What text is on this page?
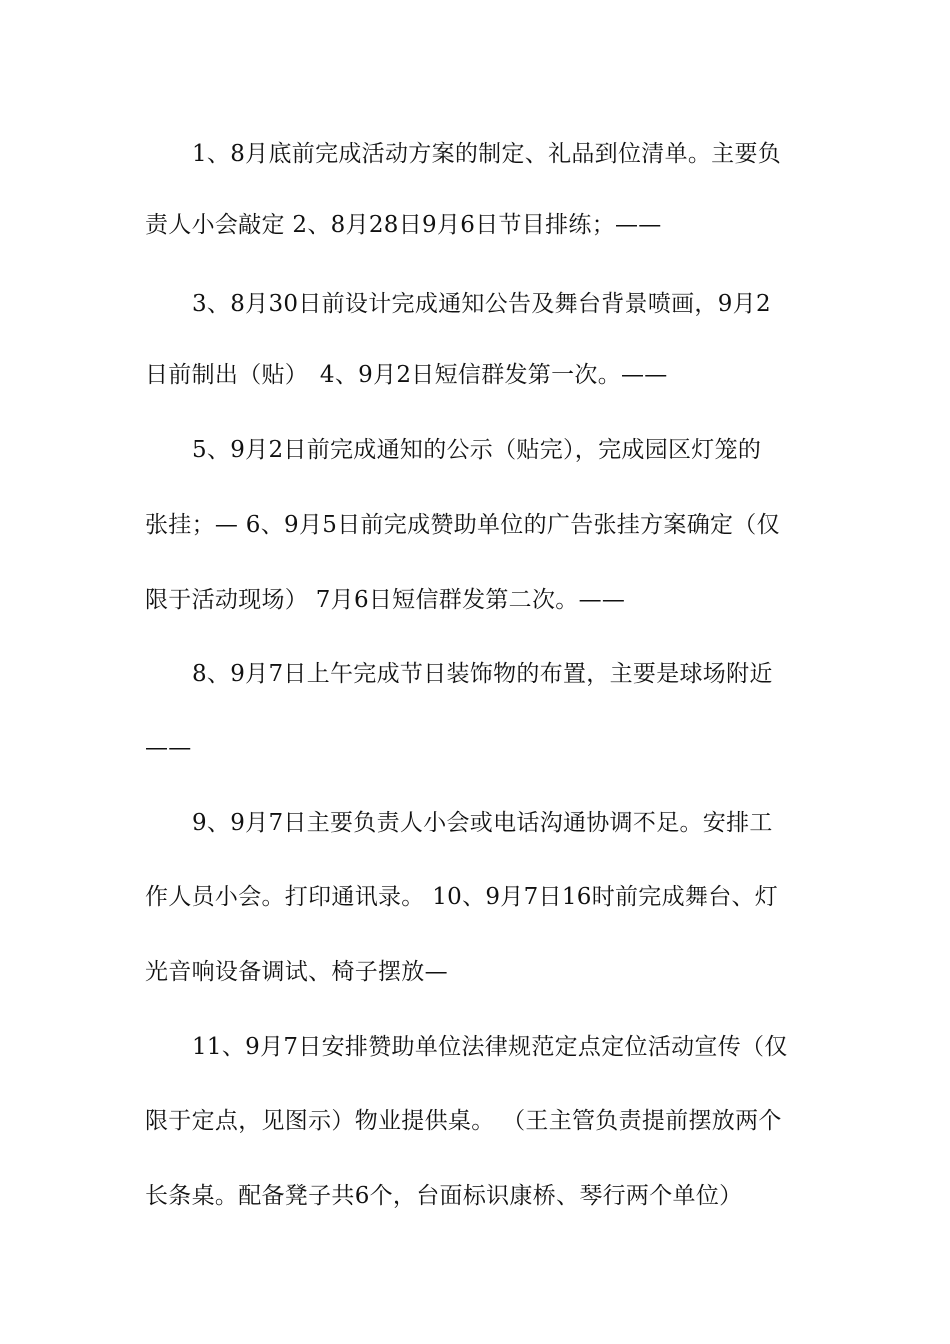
1、8月底前完成活动方案的制定、礼品到位清单。主要负
责人小会敲定 2、8月28日9月6日节目排练；——
3、8月30日前设计完成通知公告及舞台背景喷画，9月2
日前制出（贴）　4、9月2日短信群发第一次。——
5、9月2日前完成通知的公示（贴完），完成园区灯笼的
张挂；— 6、9月5日前完成赞助单位的广告张挂方案确定（仅
限于活动现场） 7月6日短信群发第二次。——
8、9月7日上午完成节日装饰物的布置，主要是球场附近
——
9、9月7日主要负责人小会或电话沟通协调不足。安排工
作人员小会。打印通讯录。 10、9月7日16时前完成舞台、灯
光音响设备调试、椅子摆放—
11、9月7日安排赞助单位法律规范定点定位活动宣传（仅
限于定点，见图示）物业提供桌。 （王主管负责提前摆放两个
长条桌。配备凳子共6个，台面标识康桥、琴行两个单位）
